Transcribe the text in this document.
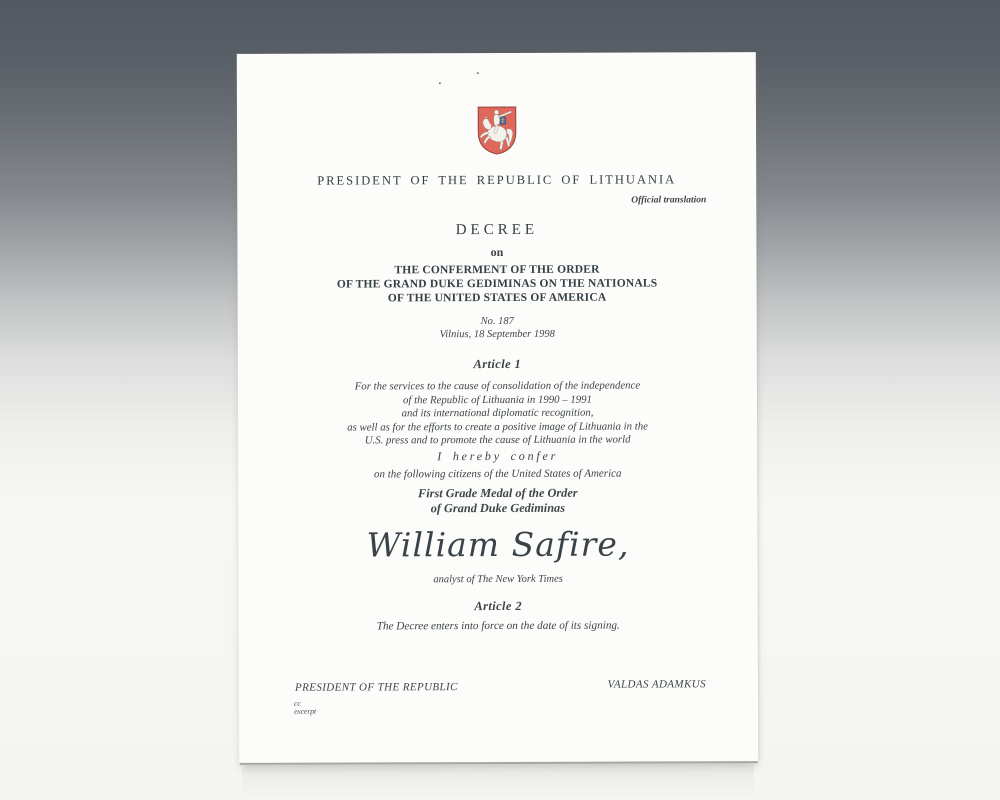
PRESIDENT OF THE REPUBLIC OF LITHUANIA
Official translation
DECREE
on
THE CONFERMENT OF THE ORDER
OF THE GRAND DUKE GEDIMINAS ON THE NATIONALS
OF THE UNITED STATES OF AMERICA
No. 187
Vilnius, 18 September 1998
Article 1
For the services to the cause of consolidation of the independence
of the Republic of Lithuania in 1990 – 1991
and its international diplomatic recognition,
as well as for the efforts to create a positive image of Lithuania in the
U.S. press and to promote the cause of Lithuania in the world
I hereby confer
on the following citizens of the United States of America
First Grade Medal of the Order
of Grand Duke Gediminas
William Safire,
analyst of The New York Times
Article 2
The Decree enters into force on the date of its signing.
PRESIDENT OF THE REPUBLIC	VALDAS ADAMKUS
cc
excerpt
